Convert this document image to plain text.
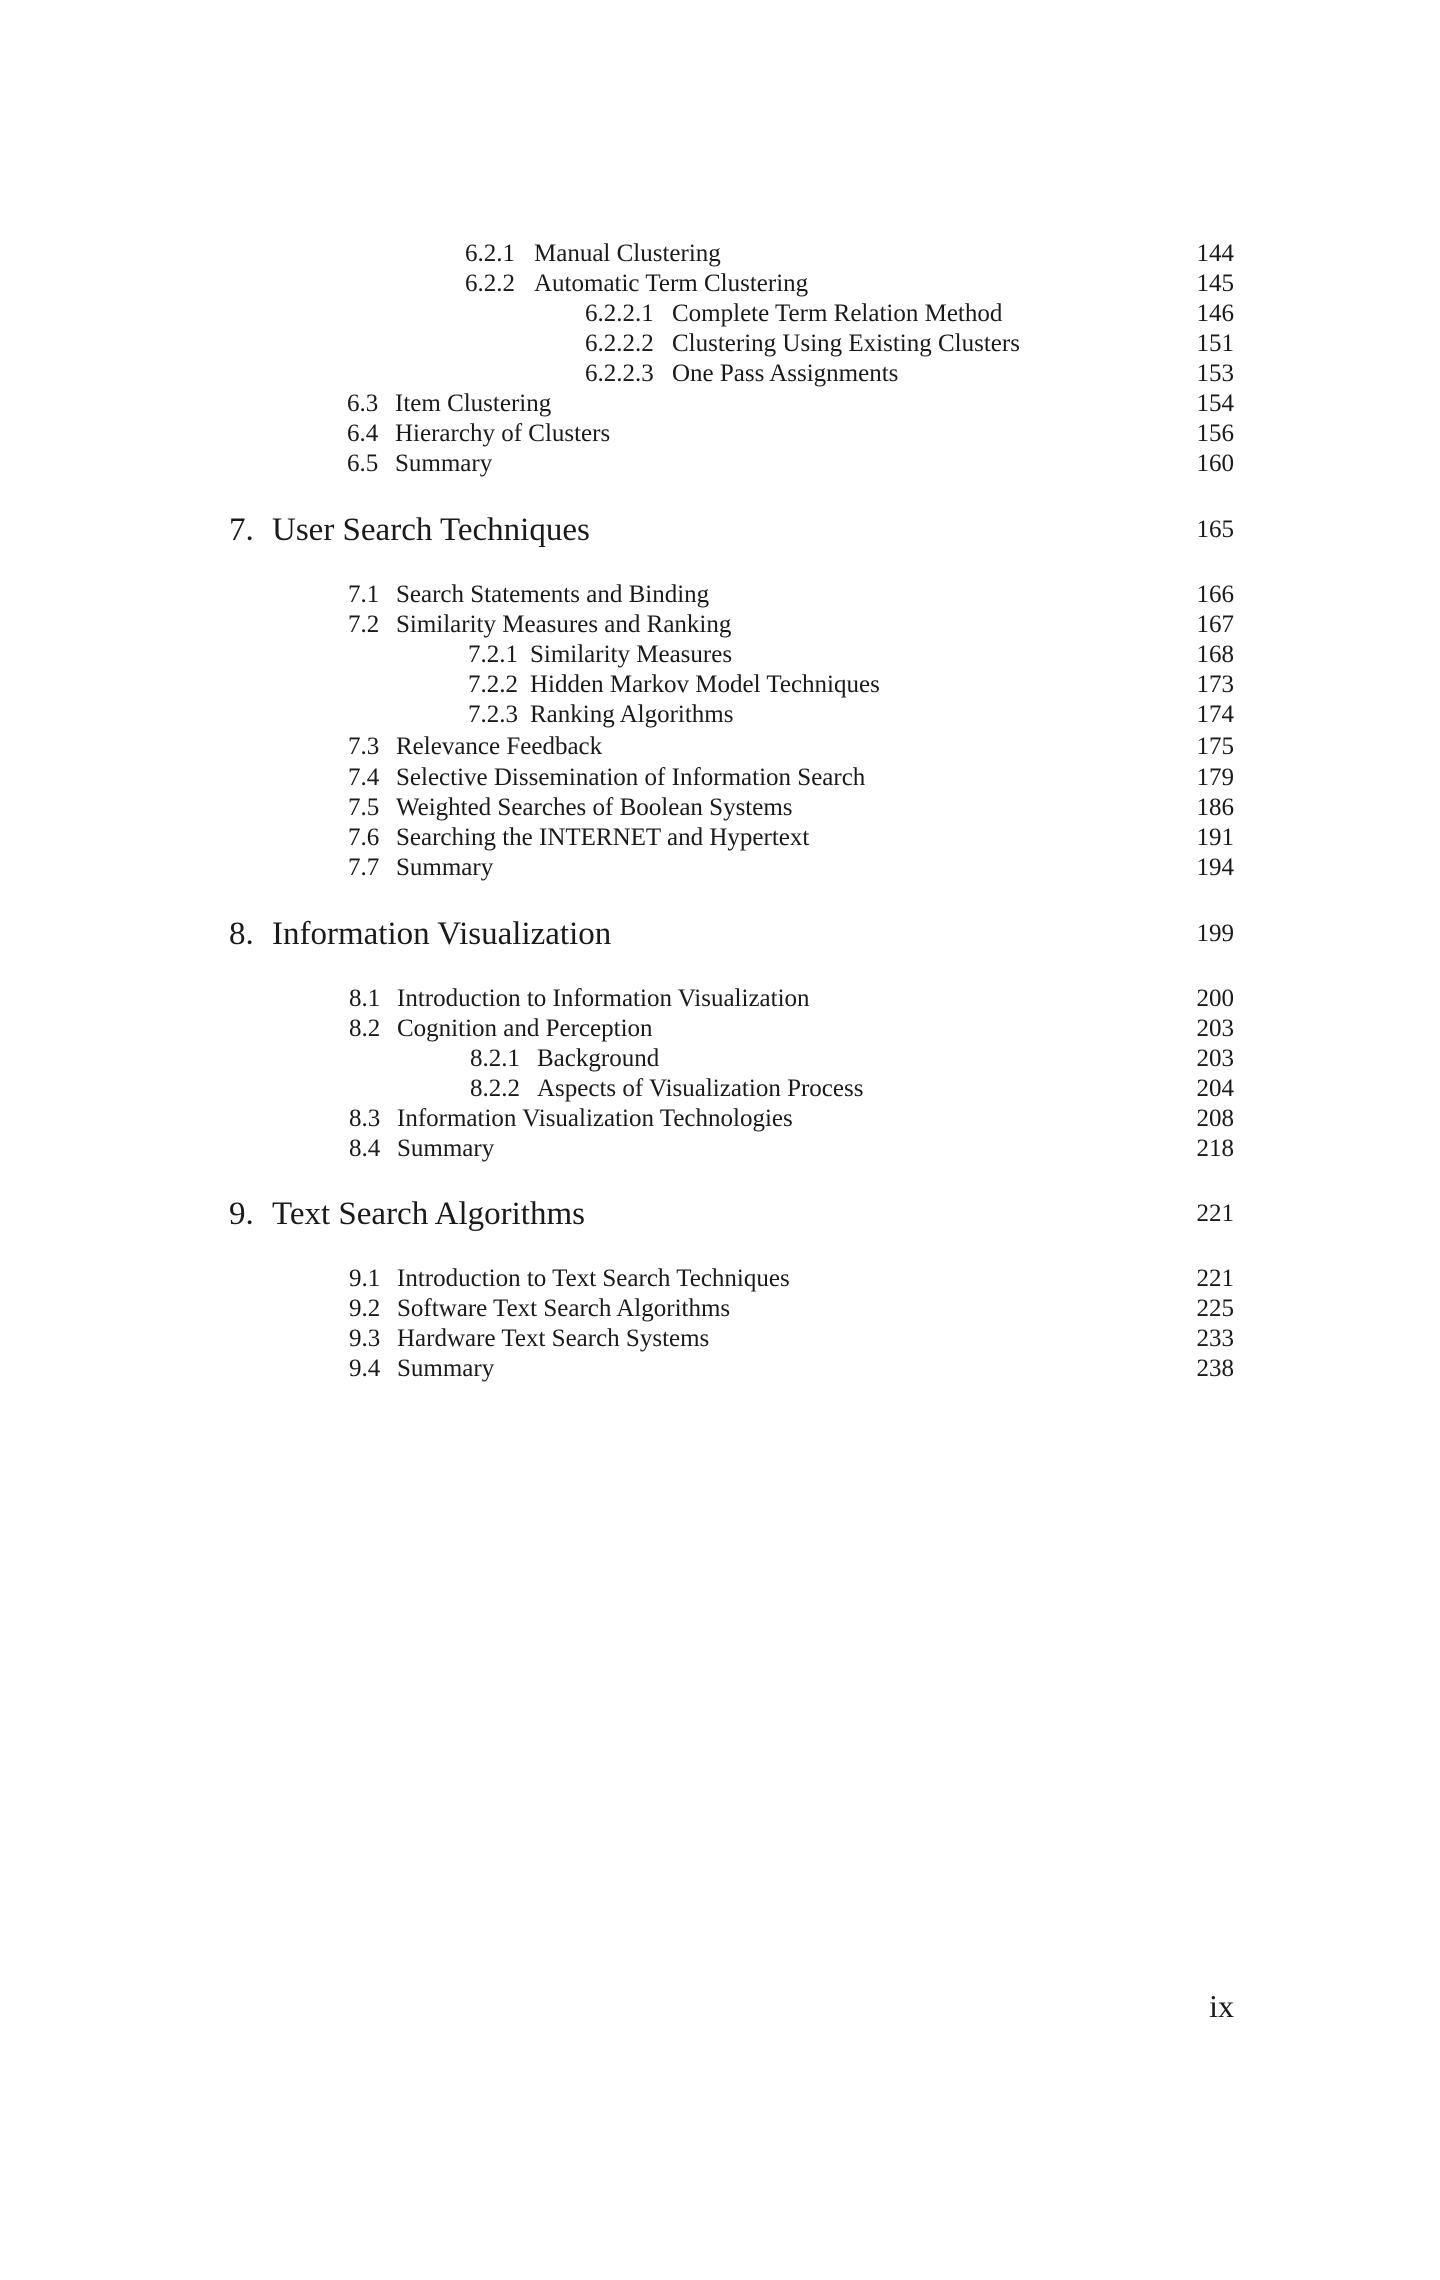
6.2.1 Manual Clustering	144
6.2.2 Automatic Term Clustering	145
6.2.2.1 Complete Term Relation Method	146
6.2.2.2 Clustering Using Existing Clusters	151
6.2.2.3 One Pass Assignments	153
6.3 Item Clustering	154
6.4 Hierarchy of Clusters	156
6.5 Summary	160
7. User Search Techniques	165
7.1 Search Statements and Binding	166
7.2 Similarity Measures and Ranking	167
7.2.1 Similarity Measures	168
7.2.2 Hidden Markov Model Techniques	173
7.2.3 Ranking Algorithms	174
7.3 Relevance Feedback	175
7.4 Selective Dissemination of Information Search	179
7.5 Weighted Searches of Boolean Systems	186
7.6 Searching the INTERNET and Hypertext	191
7.7 Summary	194
8. Information Visualization	199
8.1 Introduction to Information Visualization	200
8.2 Cognition and Perception	203
8.2.1 Background	203
8.2.2 Aspects of Visualization Process	204
8.3 Information Visualization Technologies	208
8.4 Summary	218
9. Text Search Algorithms	221
9.1 Introduction to Text Search Techniques	221
9.2 Software Text Search Algorithms	225
9.3 Hardware Text Search Systems	233
9.4 Summary	238
ix
